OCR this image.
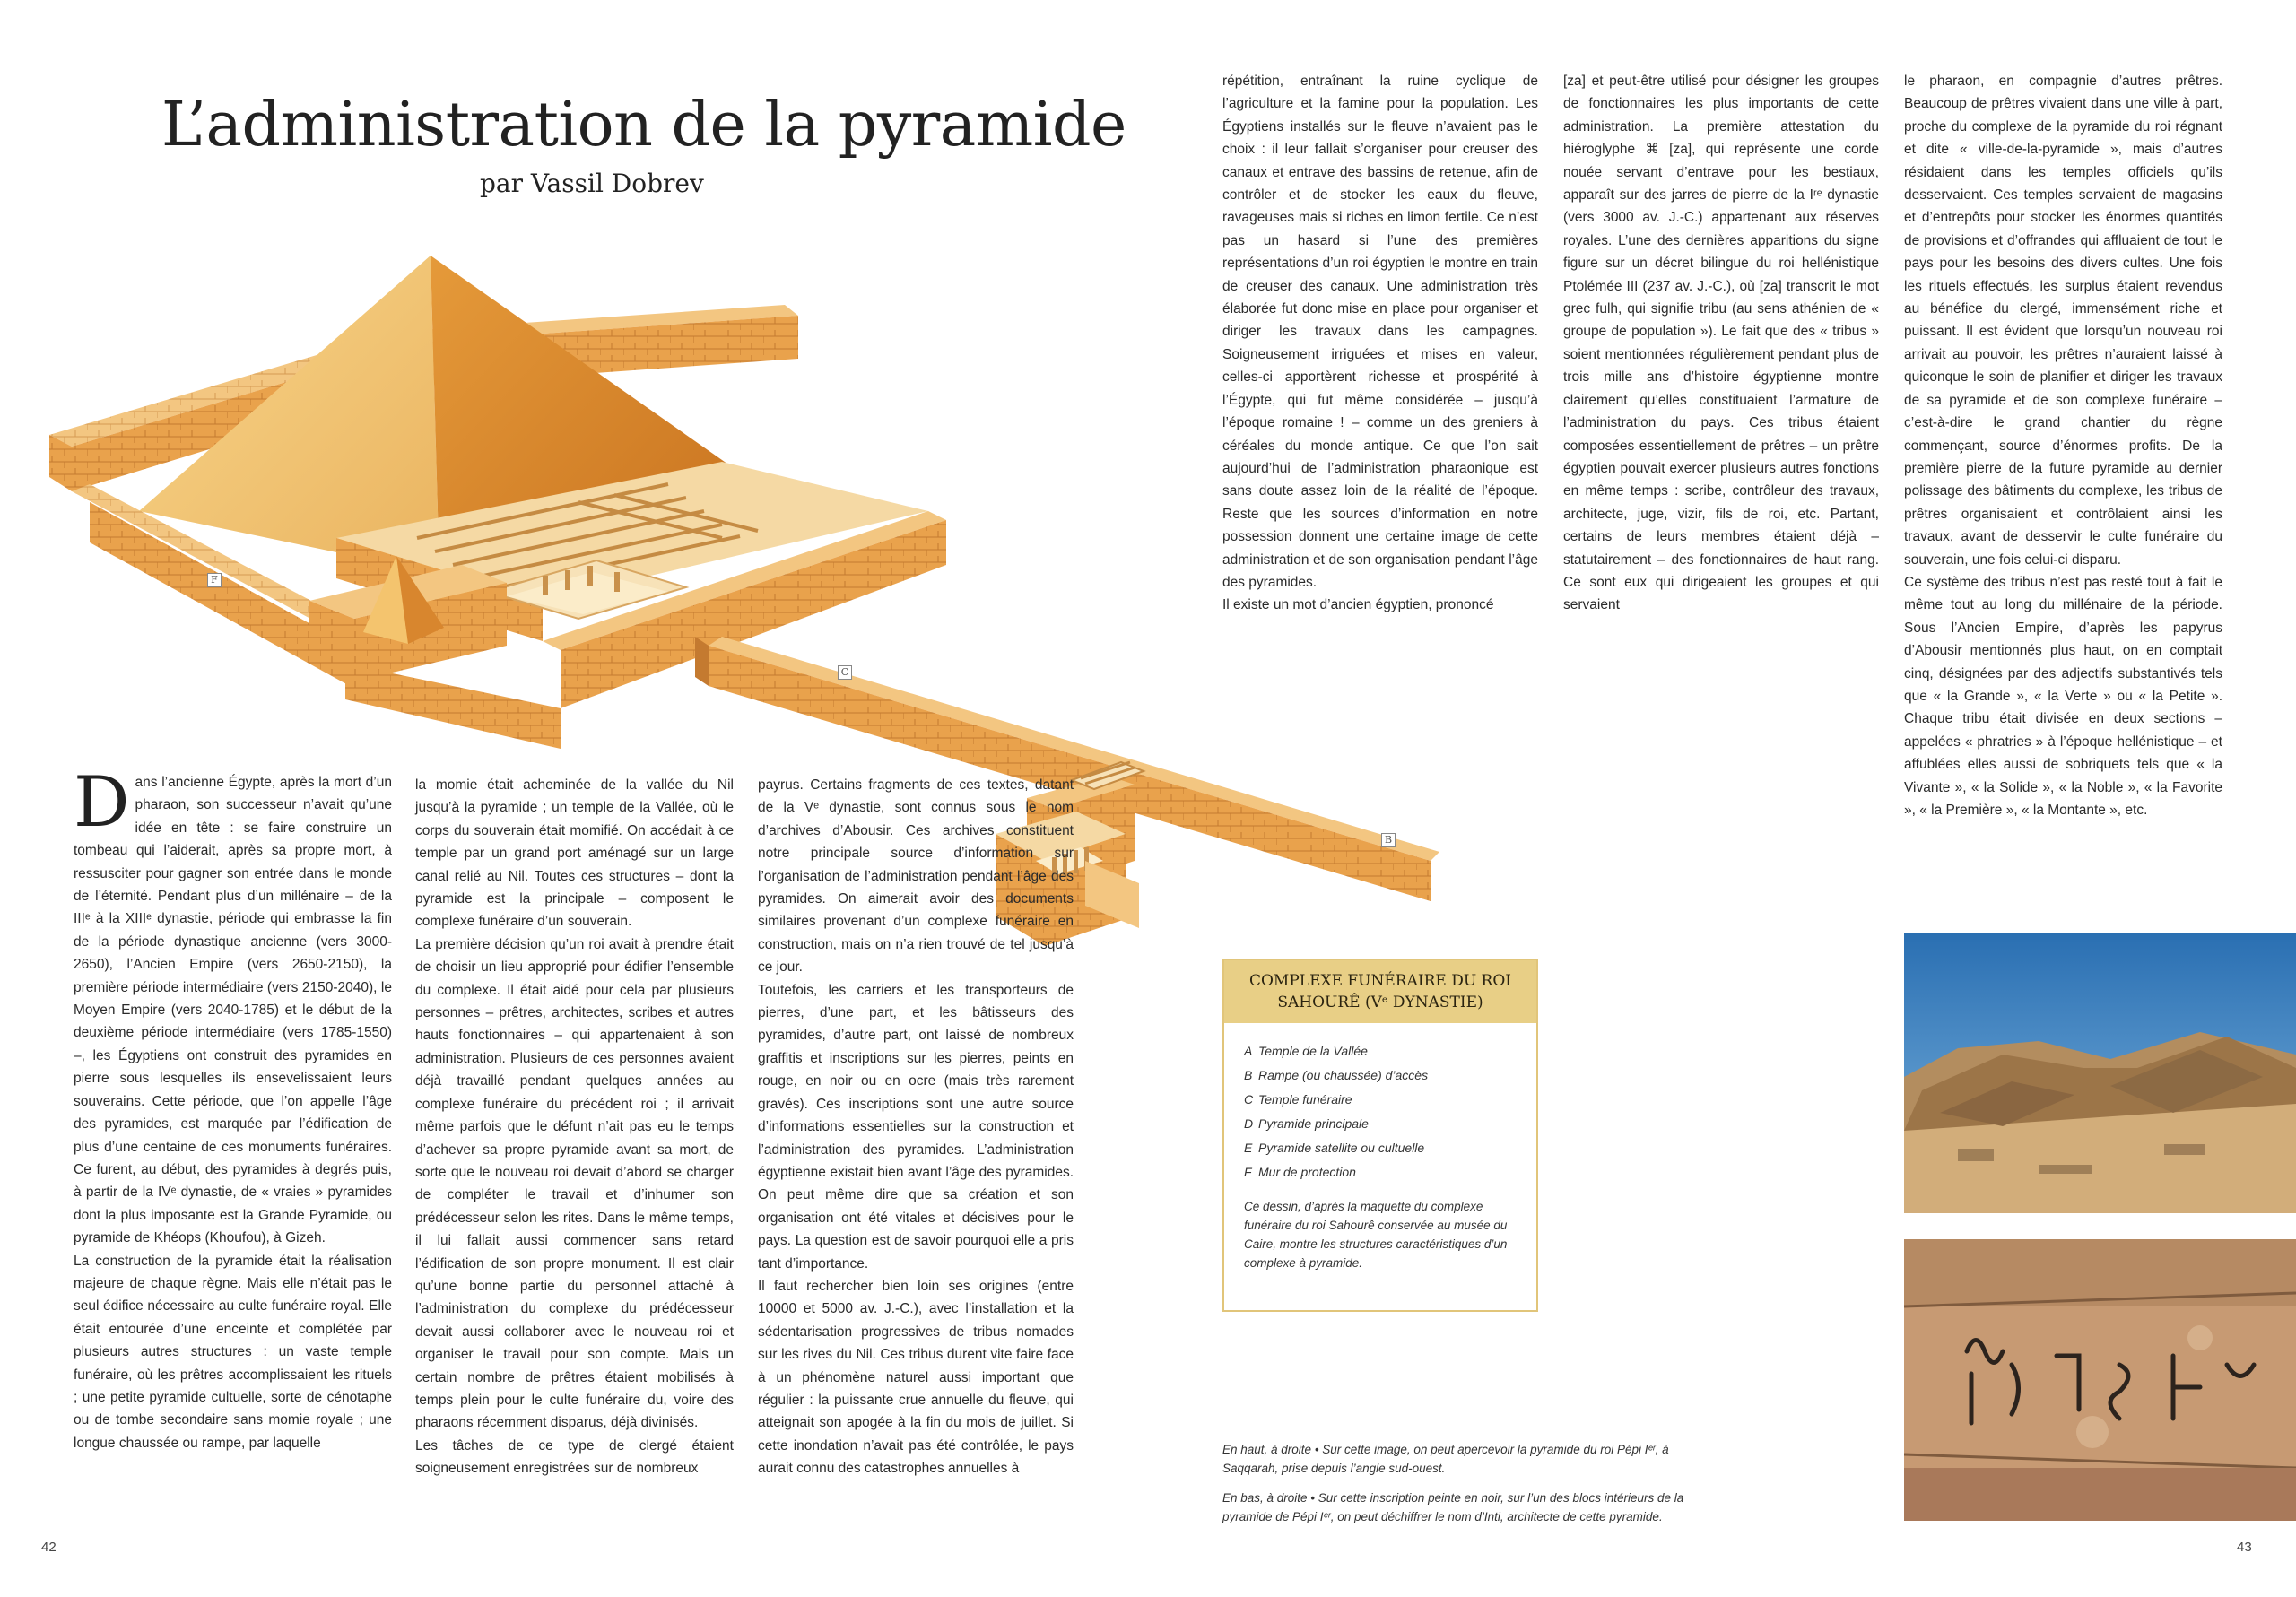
L’administration de la pyramide

par Vassil Dobrev

F
C
B

Dans l’ancienne Égypte, après la mort d’un pharaon, son successeur n’avait qu’une idée en tête : se faire construire un tombeau qui l’aiderait, après sa propre mort, à ressusciter pour gagner son entrée dans le monde de l’éternité. Pendant plus d’un millénaire – de la IIIᵉ à la XIIIᵉ dynastie, période qui embrasse la fin de la période dynastique ancienne (vers 3000-2650), l’Ancien Empire (vers 2650-2150), la première période intermédiaire (vers 2150-2040), le Moyen Empire (vers 2040-1785) et le début de la deuxième période intermédiaire (vers 1785-1550) –, les Égyptiens ont construit des pyramides en pierre sous lesquelles ils ensevelissaient leurs souverains. Cette période, que l’on appelle l’âge des pyramides, est marquée par l’édification de plus d’une centaine de ces monuments funéraires. Ce furent, au début, des pyramides à degrés puis, à partir de la IVᵉ dynastie, de « vraies » pyramides dont la plus imposante est la Grande Pyramide, ou pyramide de Khéops (Khoufou), à Gizeh.

La construction de la pyramide était la réalisation majeure de chaque règne. Mais elle n’était pas le seul édifice nécessaire au culte funéraire royal. Elle était entourée d’une enceinte et complétée par plusieurs autres structures : un vaste temple funéraire, où les prêtres accomplissaient les rituels ; une petite pyramide cultuelle, sorte de cénotaphe ou de tombe secondaire sans momie royale ; une longue chaussée ou rampe, par laquelle

la momie était acheminée de la vallée du Nil jusqu’à la pyramide ; un temple de la Vallée, où le corps du souverain était momifié. On accédait à ce temple par un grand port aménagé sur un large canal relié au Nil. Toutes ces structures – dont la pyramide est la principale – composent le complexe funéraire d’un souverain.

La première décision qu’un roi avait à prendre était de choisir un lieu approprié pour édifier l’ensemble du complexe. Il était aidé pour cela par plusieurs personnes – prêtres, architectes, scribes et autres hauts fonctionnaires – qui appartenaient à son administration. Plusieurs de ces personnes avaient déjà travaillé pendant quelques années au complexe funéraire du précédent roi ; il arrivait même parfois que le défunt n’ait pas eu le temps d’achever sa propre pyramide avant sa mort, de sorte que le nouveau roi devait d’abord se charger de compléter le travail et d’inhumer son prédécesseur selon les rites. Dans le même temps, il lui fallait aussi commencer sans retard l’édification de son propre monument. Il est clair qu’une bonne partie du personnel attaché à l’administration du complexe du prédécesseur devait aussi collaborer avec le nouveau roi et organiser le travail pour son compte. Mais un certain nombre de prêtres étaient mobilisés à temps plein pour le culte funéraire du, voire des pharaons récemment disparus, déjà divinisés.

Les tâches de ce type de clergé étaient soigneusement enregistrées sur de nombreux

payrus. Certains fragments de ces textes, datant de la Vᵉ dynastie, sont connus sous le nom d’archives d’Abousir. Ces archives constituent notre principale source d’information sur l’organisation de l’administration pendant l’âge des pyramides. On aimerait avoir des documents similaires provenant d’un complexe funéraire en construction, mais on n’a rien trouvé de tel jusqu’à ce jour.

Toutefois, les carriers et les transporteurs de pierres, d’une part, et les bâtisseurs des pyramides, d’autre part, ont laissé de nombreux graffitis et inscriptions sur les pierres, peints en rouge, en noir ou en ocre (mais très rarement gravés). Ces inscriptions sont une autre source d’informations essentielles sur la construction et l’administration des pyramides. L’administration égyptienne existait bien avant l’âge des pyramides. On peut même dire que sa création et son organisation ont été vitales et décisives pour le pays. La question est de savoir pourquoi elle a pris tant d’importance.

Il faut rechercher bien loin ses origines (entre 10000 et 5000 av. J.-C.), avec l’installation et la sédentarisation progressives de tribus nomades sur les rives du Nil. Ces tribus durent vite faire face à un phénomène naturel aussi important que régulier : la puissante crue annuelle du fleuve, qui atteignait son apogée à la fin du mois de juillet. Si cette inondation n’avait pas été contrôlée, le pays aurait connu des catastrophes annuelles à

répétition, entraînant la ruine cyclique de l’agriculture et la famine pour la population. Les Égyptiens installés sur le fleuve n’avaient pas le choix : il leur fallait s’organiser pour creuser des canaux et entrave des bassins de retenue, afin de contrôler et de stocker les eaux du fleuve, ravageuses mais si riches en limon fertile. Ce n’est pas un hasard si l’une des premières représentations d’un roi égyptien le montre en train de creuser des canaux. Une administration très élaborée fut donc mise en place pour organiser et diriger les travaux dans les campagnes. Soigneusement irriguées et mises en valeur, celles-ci apportèrent richesse et prospérité à l’Égypte, qui fut même considérée – jusqu’à l’époque romaine ! – comme un des greniers à céréales du monde antique. Ce que l’on sait aujourd’hui de l’administration pharaonique est sans doute assez loin de la réalité de l’époque. Reste que les sources d’information en notre possession donnent une certaine image de cette administration et de son organisation pendant l’âge des pyramides.

Il existe un mot d’ancien égyptien, prononcé

[za] et peut-être utilisé pour désigner les groupes de fonctionnaires les plus importants de cette administration. La première attestation du hiéroglyphe ⌘ [za], qui représente une corde nouée servant d’entrave pour les bestiaux, apparaît sur des jarres de pierre de la Iʳᵉ dynastie (vers 3000 av. J.-C.) appartenant aux réserves royales. L’une des dernières apparitions du signe figure sur un décret bilingue du roi hellénistique Ptolémée III (237 av. J.-C.), où [za] transcrit le mot grec fulh, qui signifie tribu (au sens athénien de « groupe de population »). Le fait que des « tribus » soient mentionnées régulièrement pendant plus de trois mille ans d’histoire égyptienne montre clairement qu’elles constituaient l’armature de l’administration du pays. Ces tribus étaient composées essentiellement de prêtres – un prêtre égyptien pouvait exercer plusieurs autres fonctions en même temps : scribe, contrôleur des travaux, architecte, juge, vizir, fils de roi, etc. Partant, certains de leurs membres étaient déjà – statutairement – des fonctionnaires de haut rang. Ce sont eux qui dirigeaient les groupes et qui servaient

le pharaon, en compagnie d’autres prêtres. Beaucoup de prêtres vivaient dans une ville à part, proche du complexe de la pyramide du roi régnant et dite « ville-de-la-pyramide », mais d’autres résidaient dans les temples officiels qu’ils desservaient. Ces temples servaient de magasins et d’entrepôts pour stocker les énormes quantités de provisions et d’offrandes qui affluaient de tout le pays pour les besoins des divers cultes. Une fois les rituels effectués, les surplus étaient revendus au bénéfice du clergé, immensément riche et puissant. Il est évident que lorsqu’un nouveau roi arrivait au pouvoir, les prêtres n’auraient laissé à quiconque le soin de planifier et diriger les travaux de sa pyramide et de son complexe funéraire – c’est-à-dire le grand chantier du règne commençant, source d’énormes profits. De la première pierre de la future pyramide au dernier polissage des bâtiments du complexe, les tribus de prêtres organisaient et contrôlaient ainsi les travaux, avant de desservir le culte funéraire du souverain, une fois celui-ci disparu.

Ce système des tribus n’est pas resté tout à fait le même tout au long du millénaire de la période. Sous l’Ancien Empire, d’après les papyrus d’Abousir mentionnés plus haut, on en comptait cinq, désignées par des adjectifs substantivés tels que « la Grande », « la Verte » ou « la Petite ». Chaque tribu était divisée en deux sections – appelées « phratries » à l’époque hellénistique – et affublées elles aussi de sobriquets tels que « la Vivante », « la Solide », « la Noble », « la Favorite », « la Première », « la Montante », etc.

COMPLEXE FUNÉRAIRE DU ROI
SAHOURÊ (Vᵉ DYNASTIE)
A Temple de la Vallée
B Rampe (ou chaussée) d’accès
C Temple funéraire
D Pyramide principale
E Pyramide satellite ou cultuelle
F Mur de protection

Ce dessin, d’après la maquette du complexe funéraire du roi Sahourê conservée au musée du Caire, montre les structures caractéristiques d’un complexe à pyramide.

En haut, à droite • Sur cette image, on peut apercevoir la pyramide du roi Pépi Iᵉʳ, à Saqqarah, prise depuis l’angle sud-ouest.

En bas, à droite • Sur cette inscription peinte en noir, sur l’un des blocs intérieurs de la pyramide de Pépi Iᵉʳ, on peut déchiffrer le nom d’Inti, architecte de cette pyramide.

42	43
